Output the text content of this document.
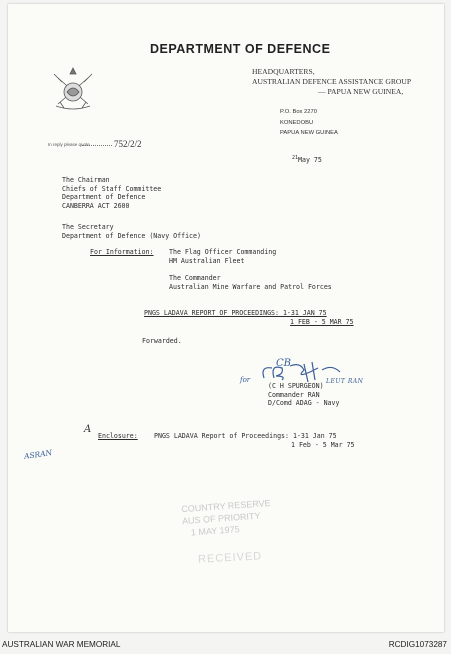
DEPARTMENT OF DEFENCE
HEADQUARTERS,
AUSTRALIAN DEFENCE ASSISTANCE GROUP
— PAPUA NEW GUINEA,
P.O. Box 2270
KONEDOBU
PAPUA NEW GUINEA
In reply please quote	752/2/2
$^{21}$May 75
The Chairman
Chiefs of Staff Committee
Department of Defence
CANBERRA ACT 2600
The Secretary
Department of Defence (Navy Office)
For Information: The Flag Officer Commanding
HM Australian Fleet
The Commander
Australian Mine Warfare and Patrol Forces
PNGS LADAVA REPORT OF PROCEEDINGS: 1-31 JAN 75
1 FEB - 5 MAR 75
Forwarded.
for
CB
LEUT RAN
(C H SPURGEON)
Commander RAN
D/Comd ADAG - Navy
A
Enclosure: PNGS LADAVA Report of Proceedings: 1-31 Jan 75
1 Feb - 5 Mar 75
ASRAN
COUNTRY RESERVE
AUS OF PRIORITY
1 MAY 1975
RECEIVED
AUSTRALIAN WAR MEMORIAL	RCDIG1073287
